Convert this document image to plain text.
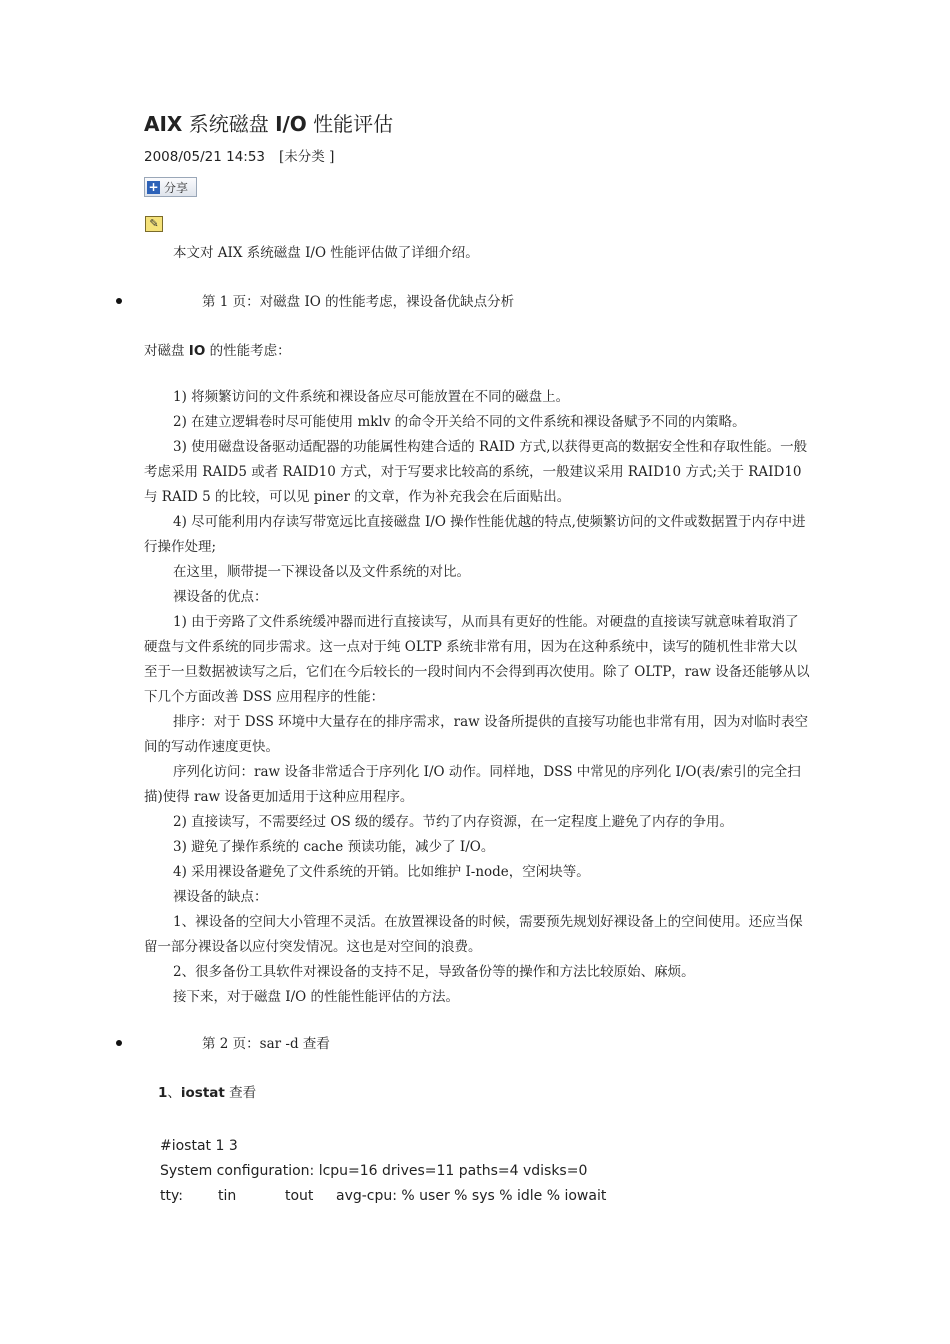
AIX 系统磁盘 I/O 性能评估
2008/05/21 14:53 [未分类 ]
+ 分享
✎
本文对 AIX 系统磁盘 I/O 性能评估做了详细介绍。
第 1 页：对磁盘 IO 的性能考虑，裸设备优缺点分析
对磁盘 IO 的性能考虑：
1) 将频繁访问的文件系统和裸设备应尽可能放置在不同的磁盘上。
2) 在建立逻辑卷时尽可能使用 mklv 的命令开关给不同的文件系统和裸设备赋予不同的内策略。
3) 使用磁盘设备驱动适配器的功能属性构建合适的 RAID 方式,以获得更高的数据安全性和存取性能。一般考虑采用 RAID5 或者 RAID10 方式，对于写要求比较高的系统，一般建议采用 RAID10 方式;关于 RAID10 与 RAID 5 的比较，可以见 piner 的文章，作为补充我会在后面贴出。
4) 尽可能利用内存读写带宽远比直接磁盘 I/O 操作性能优越的特点,使频繁访问的文件或数据置于内存中进行操作处理;
在这里，顺带提一下裸设备以及文件系统的对比。
裸设备的优点：
1) 由于旁路了文件系统缓冲器而进行直接读写，从而具有更好的性能。对硬盘的直接读写就意味着取消了硬盘与文件系统的同步需求。这一点对于纯 OLTP 系统非常有用，因为在这种系统中，读写的随机性非常大以至于一旦数据被读写之后，它们在今后较长的一段时间内不会得到再次使用。除了 OLTP，raw 设备还能够从以下几个方面改善 DSS 应用程序的性能：
排序：对于 DSS 环境中大量存在的排序需求，raw 设备所提供的直接写功能也非常有用，因为对临时表空间的写动作速度更快。
序列化访问：raw 设备非常适合于序列化 I/O 动作。同样地，DSS 中常见的序列化 I/O(表/索引的完全扫描)使得 raw 设备更加适用于这种应用程序。
2) 直接读写，不需要经过 OS 级的缓存。节约了内存资源，在一定程度上避免了内存的争用。
3) 避免了操作系统的 cache 预读功能，减少了 I/O。
4) 采用裸设备避免了文件系统的开销。比如维护 I-node，空闲块等。
裸设备的缺点：
1、裸设备的空间大小管理不灵活。在放置裸设备的时候，需要预先规划好裸设备上的空间使用。还应当保留一部分裸设备以应付突发情况。这也是对空间的浪费。
2、很多备份工具软件对裸设备的支持不足，导致备份等的操作和方法比较原始、麻烦。
接下来，对于磁盘 I/O 的性能性能评估的方法。
第 2 页：sar -d 查看
1、iostat 查看
#iostat 1 3
System configuration: lcpu=16 drives=11 paths=4 vdisks=0
tty:	tin	tout avg-cpu: % user % sys % idle % iowait
